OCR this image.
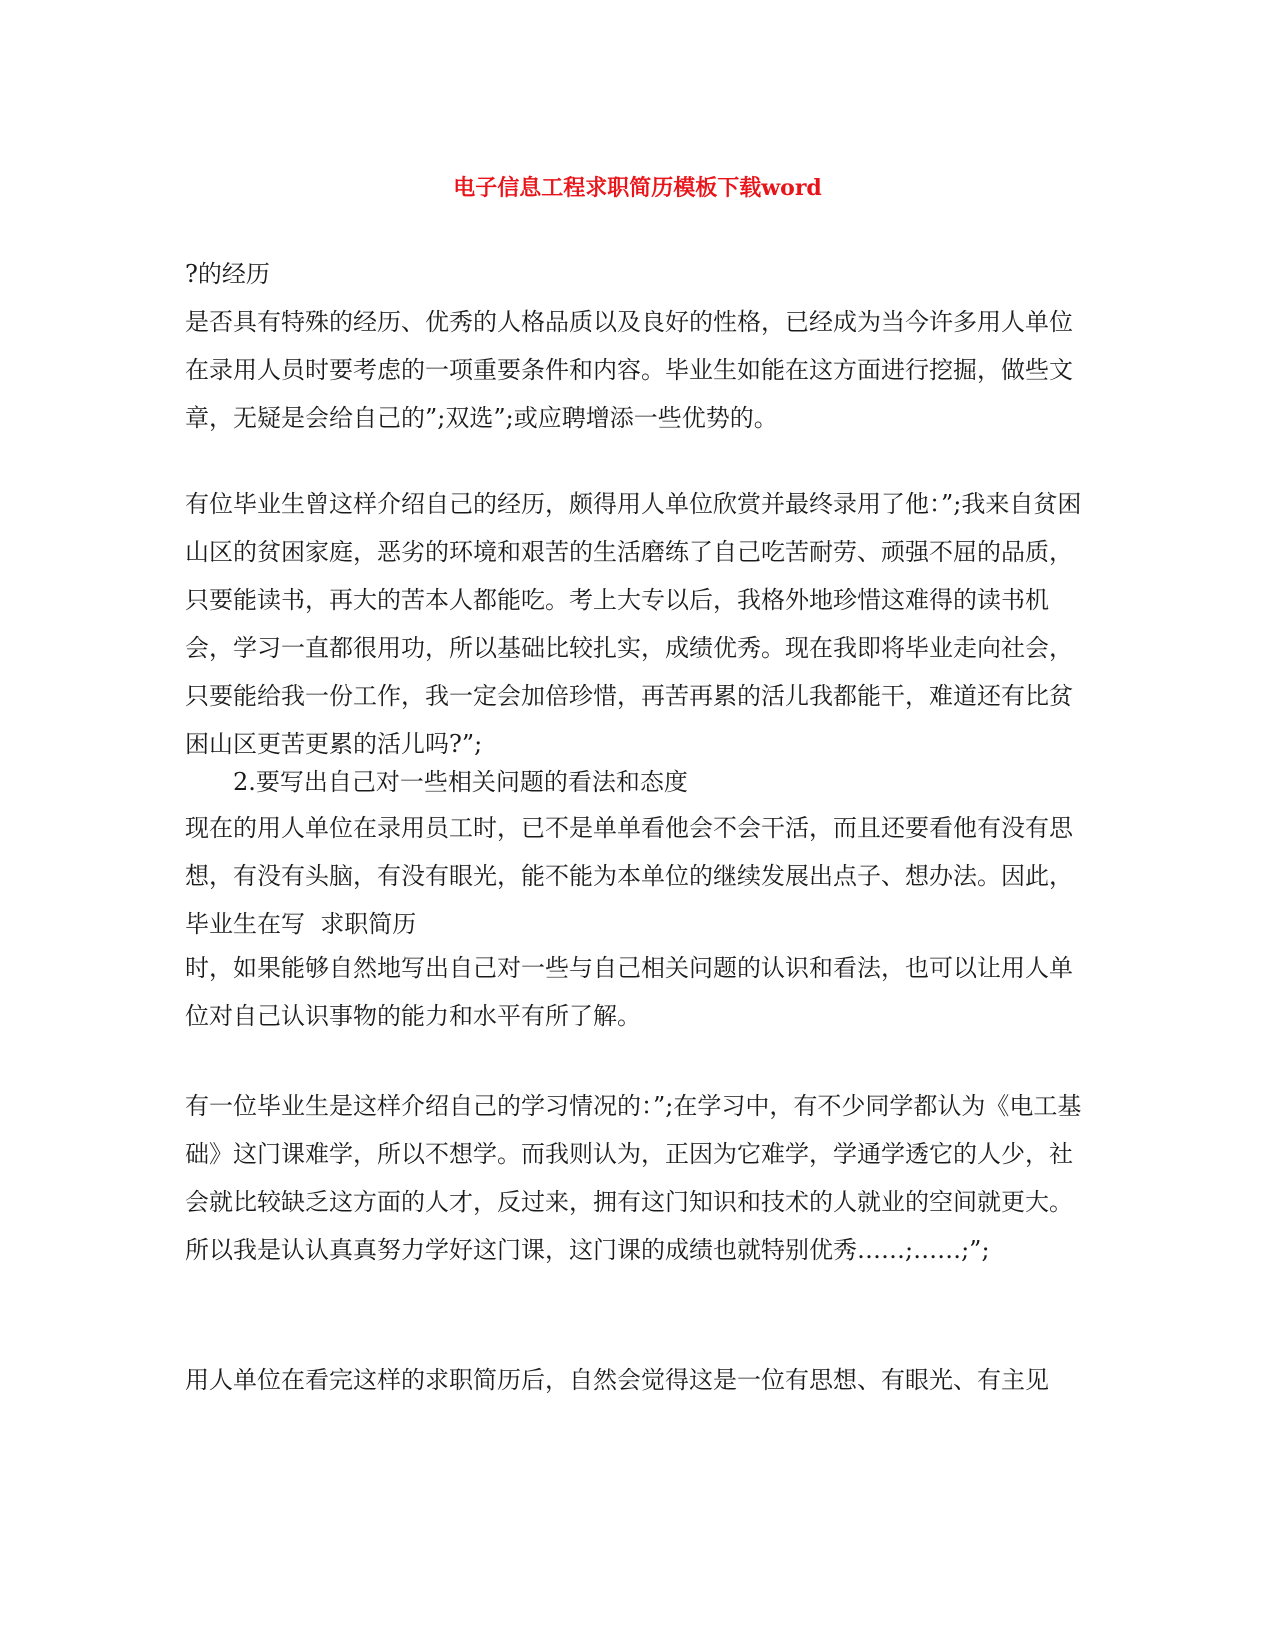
电子信息工程求职简历模板下载word

?的经历

是否具有特殊的经历、优秀的人格品质以及良好的性格，已经成为当今许多用人单位在录用人员时要考虑的一项重要条件和内容。毕业生如能在这方面进行挖掘，做些文章，无疑是会给自己的”;双选”;或应聘增添一些优势的。

有位毕业生曾这样介绍自己的经历，颇得用人单位欣赏并最终录用了他：”;我来自贫困山区的贫困家庭，恶劣的环境和艰苦的生活磨练了自己吃苦耐劳、顽强不屈的品质，只要能读书，再大的苦本人都能吃。考上大专以后，我格外地珍惜这难得的读书机会，学习一直都很用功，所以基础比较扎实，成绩优秀。现在我即将毕业走向社会，只要能给我一份工作，我一定会加倍珍惜，再苦再累的活儿我都能干，难道还有比贫困山区更苦更累的活儿吗?”;

2.要写出自己对一些相关问题的看法和态度

现在的用人单位在录用员工时，已不是单单看他会不会干活，而且还要看他有没有思想，有没有头脑，有没有眼光，能不能为本单位的继续发展出点子、想办法。因此，毕业生在写  求职简历

时，如果能够自然地写出自己对一些与自己相关问题的认识和看法，也可以让用人单位对自己认识事物的能力和水平有所了解。

有一位毕业生是这样介绍自己的学习情况的：”;在学习中，有不少同学都认为《电工基础》这门课难学，所以不想学。而我则认为，正因为它难学，学通学透它的人少，社会就比较缺乏这方面的人才，反过来，拥有这门知识和技术的人就业的空间就更大。所以我是认认真真努力学好这门课，这门课的成绩也就特别优秀……;……;”;

用人单位在看完这样的求职简历后，自然会觉得这是一位有思想、有眼光、有主见
